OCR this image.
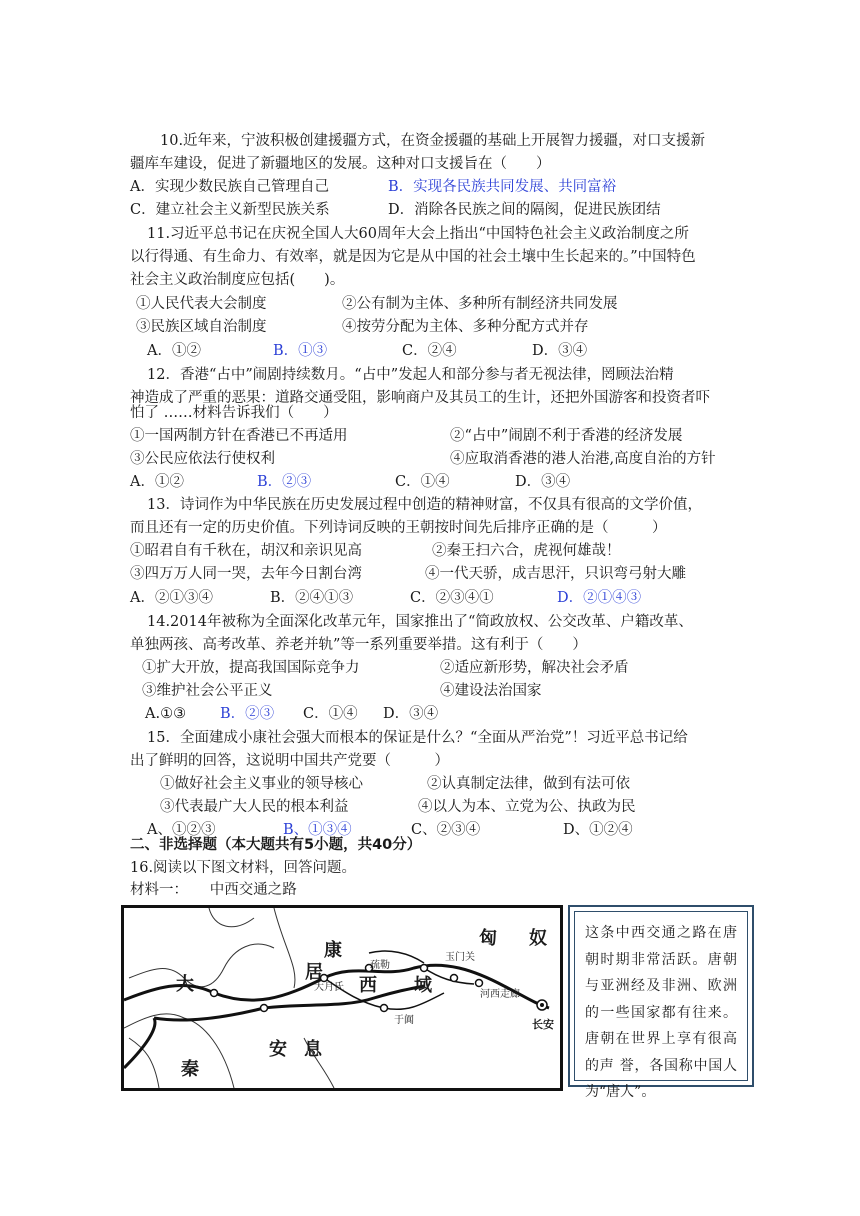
10.近年来，宁波积极创建援疆方式，在资金援疆的基础上开展智力援疆，对口支援新
疆库车建设，促进了新疆地区的发展。这种对口支援旨在（　　）
A．实现少数民族自己管理自己	B．实现各民族共同发展、共同富裕
C．建立社会主义新型民族关系	D．消除各民族之间的隔阂，促进民族团结
11.习近平总书记在庆祝全国人大60周年大会上指出“中国特色社会主义政治制度之所
以行得通、有生命力、有效率，就是因为它是从中国的社会土壤中生长起来的。”中国特色
社会主义政治制度应包括(　　)。
①人民代表大会制度	②公有制为主体、多种所有制经济共同发展
③民族区域自治制度	④按劳分配为主体、多种分配方式并存
A．①②	B．①③	C．②④	D．③④
12．香港“占中”闹剧持续数月。“占中”发起人和部分参与者无视法律，罔顾法治精
神造成了严重的恶果：道路交通受阻，影响商户及其员工的生计，还把外国游客和投资者吓
怕了 ……材料告诉我们（　　）
①一国两制方针在香港已不再适用	②“占中”闹剧不利于香港的经济发展
③公民应依法行使权利	④应取消香港的港人治港,高度自治的方针
A．①②	B．②③	C．①④	D．③④
13．诗词作为中华民族在历史发展过程中创造的精神财富，不仅具有很高的文学价值，
而且还有一定的历史价值。下列诗词反映的王朝按时间先后排序正确的是（　　　）
①昭君自有千秋在，胡汉和亲识见高	②秦王扫六合，虎视何雄哉！
③四万万人同一哭，去年今日割台湾	④一代天骄，成吉思汗，只识弯弓射大雕
A．②①③④	B．②④①③	C．②③④①	D．②①④③
14.2014年被称为全面深化改革元年，国家推出了“简政放权、公交改革、户籍改革、
单独两孩、高考改革、养老并轨”等一系列重要举措。这有利于（　　）
①扩大开放，提高我国国际竞争力	②适应新形势，解决社会矛盾
③维护社会公平正义	④建设法治国家
A.①③ B．②③ C．①④ D．③④
15．全面建成小康社会强大而根本的保证是什么？“全面从严治党”！习近平总书记给
出了鲜明的回答，这说明中国共产党要（　　　）
①做好社会主义事业的领导核心	②认真制定法律，做到有法可依
③代表最广大人民的根本利益	④以人为本、立党为公、执政为民
A、①②③	B、①③④	C、②③④	D、①②④
二、非选择题（本大题共有5小题，共40分）
16.阅读以下图文材料，回答问题。
材料一：　　中西交通之路
康
居
匈 奴
大
秦
安 息
西 域
大月氏
疏勒
玉门关
河西走廊
于阗	长安
这条中西交通之路在唐朝时期非常活跃。唐朝与亚洲经及非洲、欧洲的一些国家都有往来。唐朝在世界上享有很高的声 誉，各国称中国人为“唐人”。
